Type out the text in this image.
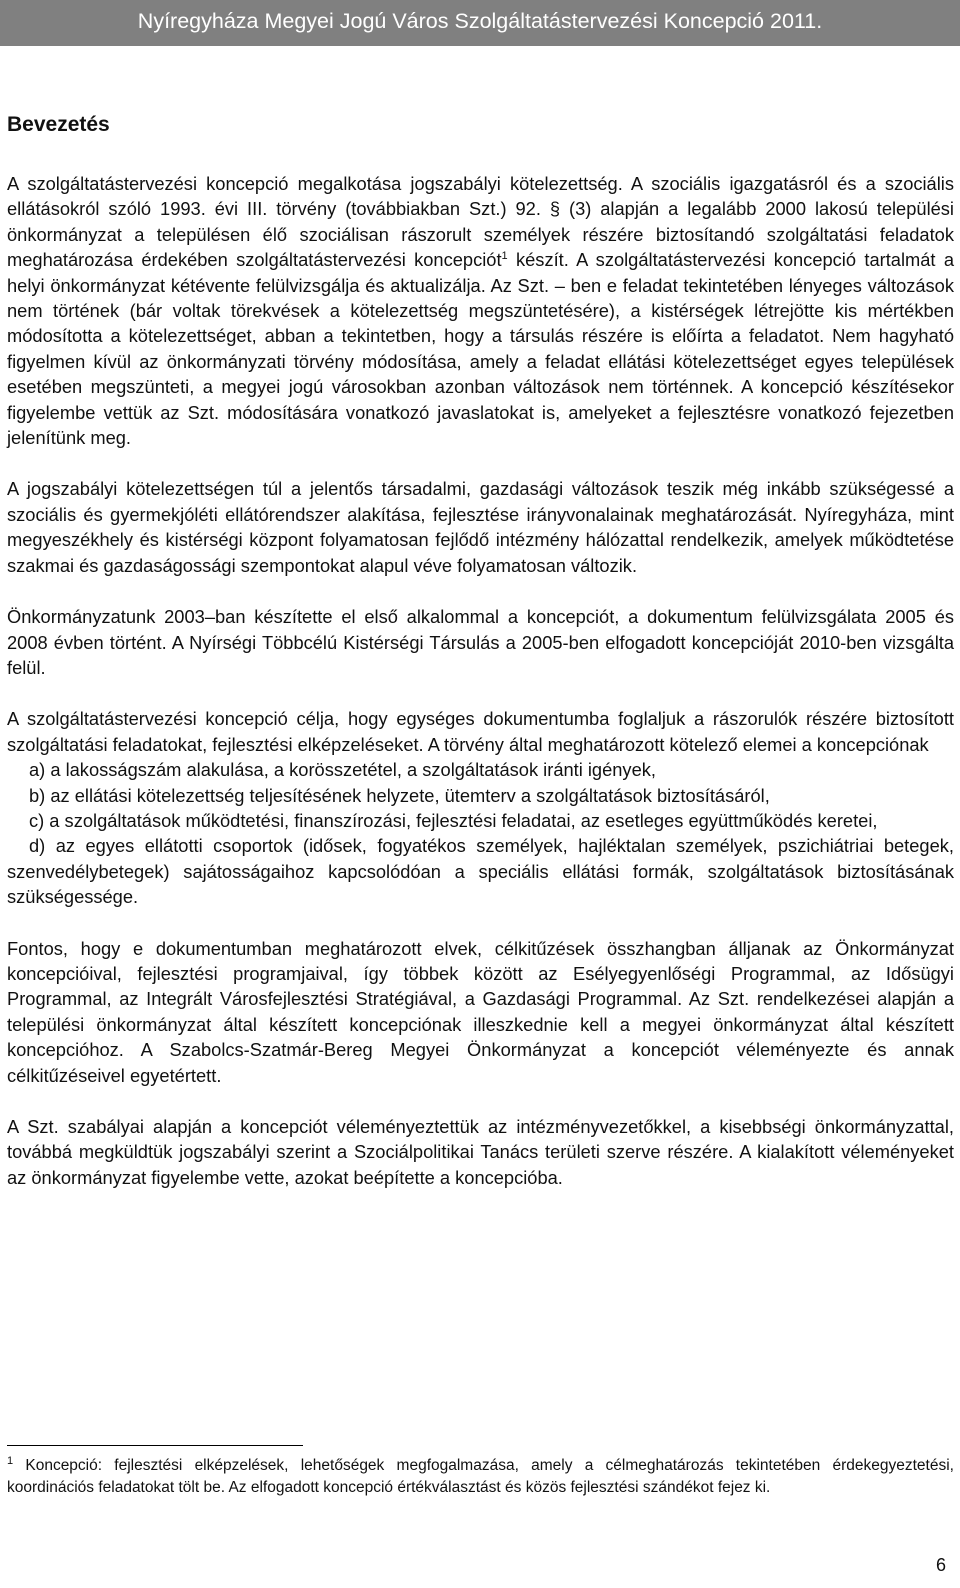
Nyíregyháza Megyei Jogú Város Szolgáltatástervezési Koncepció 2011.
Bevezetés

A szolgáltatástervezési koncepció megalkotása jogszabályi kötelezettség. A szociális igazgatásról és a szociális ellátásokról szóló 1993. évi III. törvény (továbbiakban Szt.) 92. § (3) alapján a legalább 2000 lakosú települési önkormányzat a településen élő szociálisan rászorult személyek részére biztosítandó szolgáltatási feladatok meghatározása érdekében szolgáltatástervezési koncepciót$^1$ készít. A szolgáltatástervezési koncepció tartalmát a helyi önkormányzat kétévente felülvizsgálja és aktualizálja. Az Szt. – ben e feladat tekintetében lényeges változások nem történek (bár voltak törekvések a kötelezettség megszüntetésére), a kistérségek létrejötte kis mértékben módosította a kötelezettséget, abban a tekintetben, hogy a társulás részére is előírta a feladatot. Nem hagyható figyelmen kívül az önkormányzati törvény módosítása, amely a feladat ellátási kötelezettséget egyes települések esetében megszünteti, a megyei jogú városokban azonban változások nem történnek. A koncepció készítésekor figyelembe vettük az Szt. módosítására vonatkozó javaslatokat is, amelyeket a fejlesztésre vonatkozó fejezetben jelenítünk meg.

A jogszabályi kötelezettségen túl a jelentős társadalmi, gazdasági változások teszik még inkább szükségessé a szociális és gyermekjóléti ellátórendszer alakítása, fejlesztése irányvonalainak meghatározását. Nyíregyháza, mint megyeszékhely és kistérségi központ folyamatosan fejlődő intézmény hálózattal rendelkezik, amelyek működtetése szakmai és gazdaságossági szempontokat alapul véve folyamatosan változik.

Önkormányzatunk 2003–ban készítette el első alkalommal a koncepciót, a dokumentum felülvizsgálata 2005 és 2008 évben történt. A Nyírségi Többcélú Kistérségi Társulás a 2005-ben elfogadott koncepcióját 2010-ben vizsgálta felül.

A szolgáltatástervezési koncepció célja, hogy egységes dokumentumba foglaljuk a rászorulók részére biztosított szolgáltatási feladatokat, fejlesztési elképzeléseket. A törvény által meghatározott kötelező elemei a koncepciónak

a) a lakosságszám alakulása, a korösszetétel, a szolgáltatások iránti igények,

b) az ellátási kötelezettség teljesítésének helyzete, ütemterv a szolgáltatások biztosításáról,

c) a szolgáltatások működtetési, finanszírozási, fejlesztési feladatai, az esetleges együttműködés keretei,

d) az egyes ellátotti csoportok (idősek, fogyatékos személyek, hajléktalan személyek, pszichiátriai betegek, szenvedélybetegek) sajátosságaihoz kapcsolódóan a speciális ellátási formák, szolgáltatások biztosításának szükségessége.

Fontos, hogy e dokumentumban meghatározott elvek, célkitűzések összhangban álljanak az Önkormányzat koncepcióival, fejlesztési programjaival, így többek között az Esélyegyenlőségi Programmal, az Idősügyi Programmal, az Integrált Városfejlesztési Stratégiával, a Gazdasági Programmal. Az Szt. rendelkezései alapján a települési önkormányzat által készített koncepciónak illeszkednie kell a megyei önkormányzat által készített koncepcióhoz. A Szabolcs-Szatmár-Bereg Megyei Önkormányzat a koncepciót véleményezte és annak célkitűzéseivel egyetértett.

A Szt. szabályai alapján a koncepciót véleményeztettük az intézményvezetőkkel, a kisebbségi önkormányzattal, továbbá megküldtük jogszabályi szerint a Szociálpolitikai Tanács területi szerve részére. A kialakított véleményeket az önkormányzat figyelembe vette, azokat beépítette a koncepcióba.

$^1$ Koncepció: fejlesztési elképzelések, lehetőségek megfogalmazása, amely a célmeghatározás tekintetében érdekegyeztetési, koordinációs feladatokat tölt be. Az elfogadott koncepció értékválasztást és közös fejlesztési szándékot fejez ki.

6
